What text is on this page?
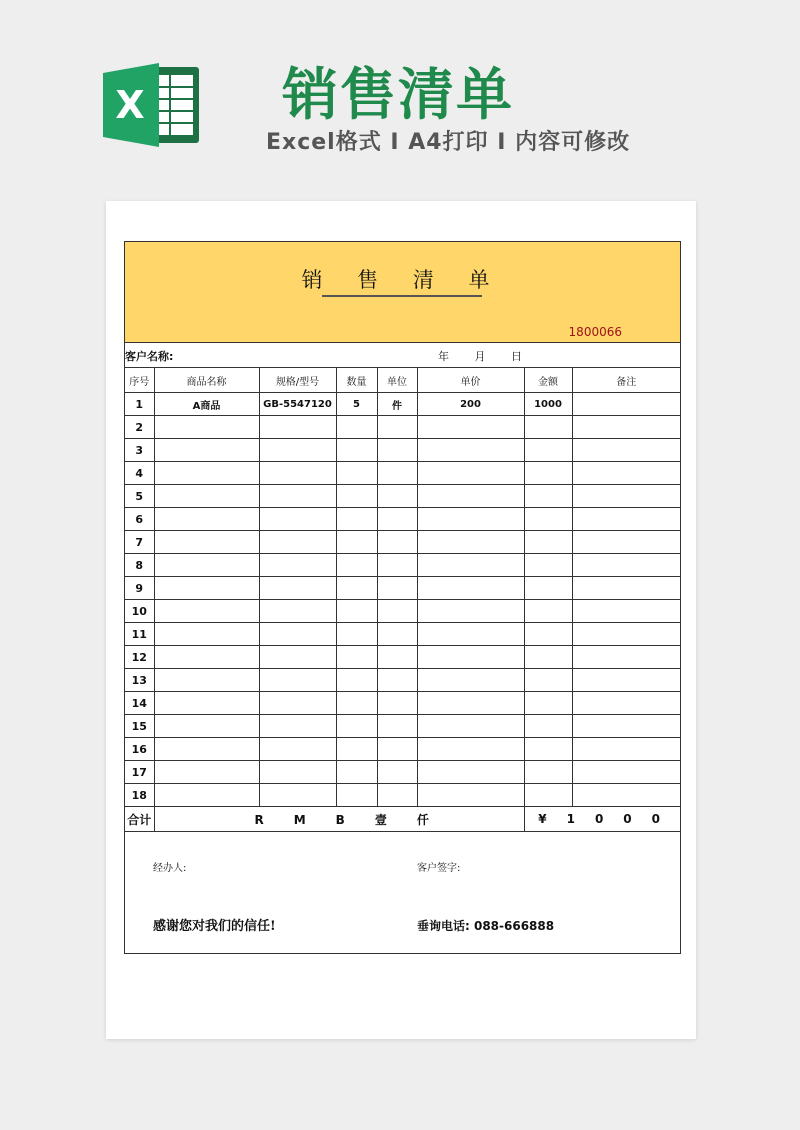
X 销售清单
Excel格式 I A4打印 I 内容可修改
销 售 清 单
1800066
客户名称:	年 月 日
序号	商品名称	规格/型号	数量	单位	单价	金额	备注
1	A商品	GB-5547120	5	件	200	1000	
2							
3							
4							
5							
6							
7							
8							
9							
10							
11							
12							
13							
14							
15							
16							
17							
18							
合计	RMB壹仟					¥1000	
经办人:	客户签字:
感谢您对我们的信任!	垂询电话: 088-666888
